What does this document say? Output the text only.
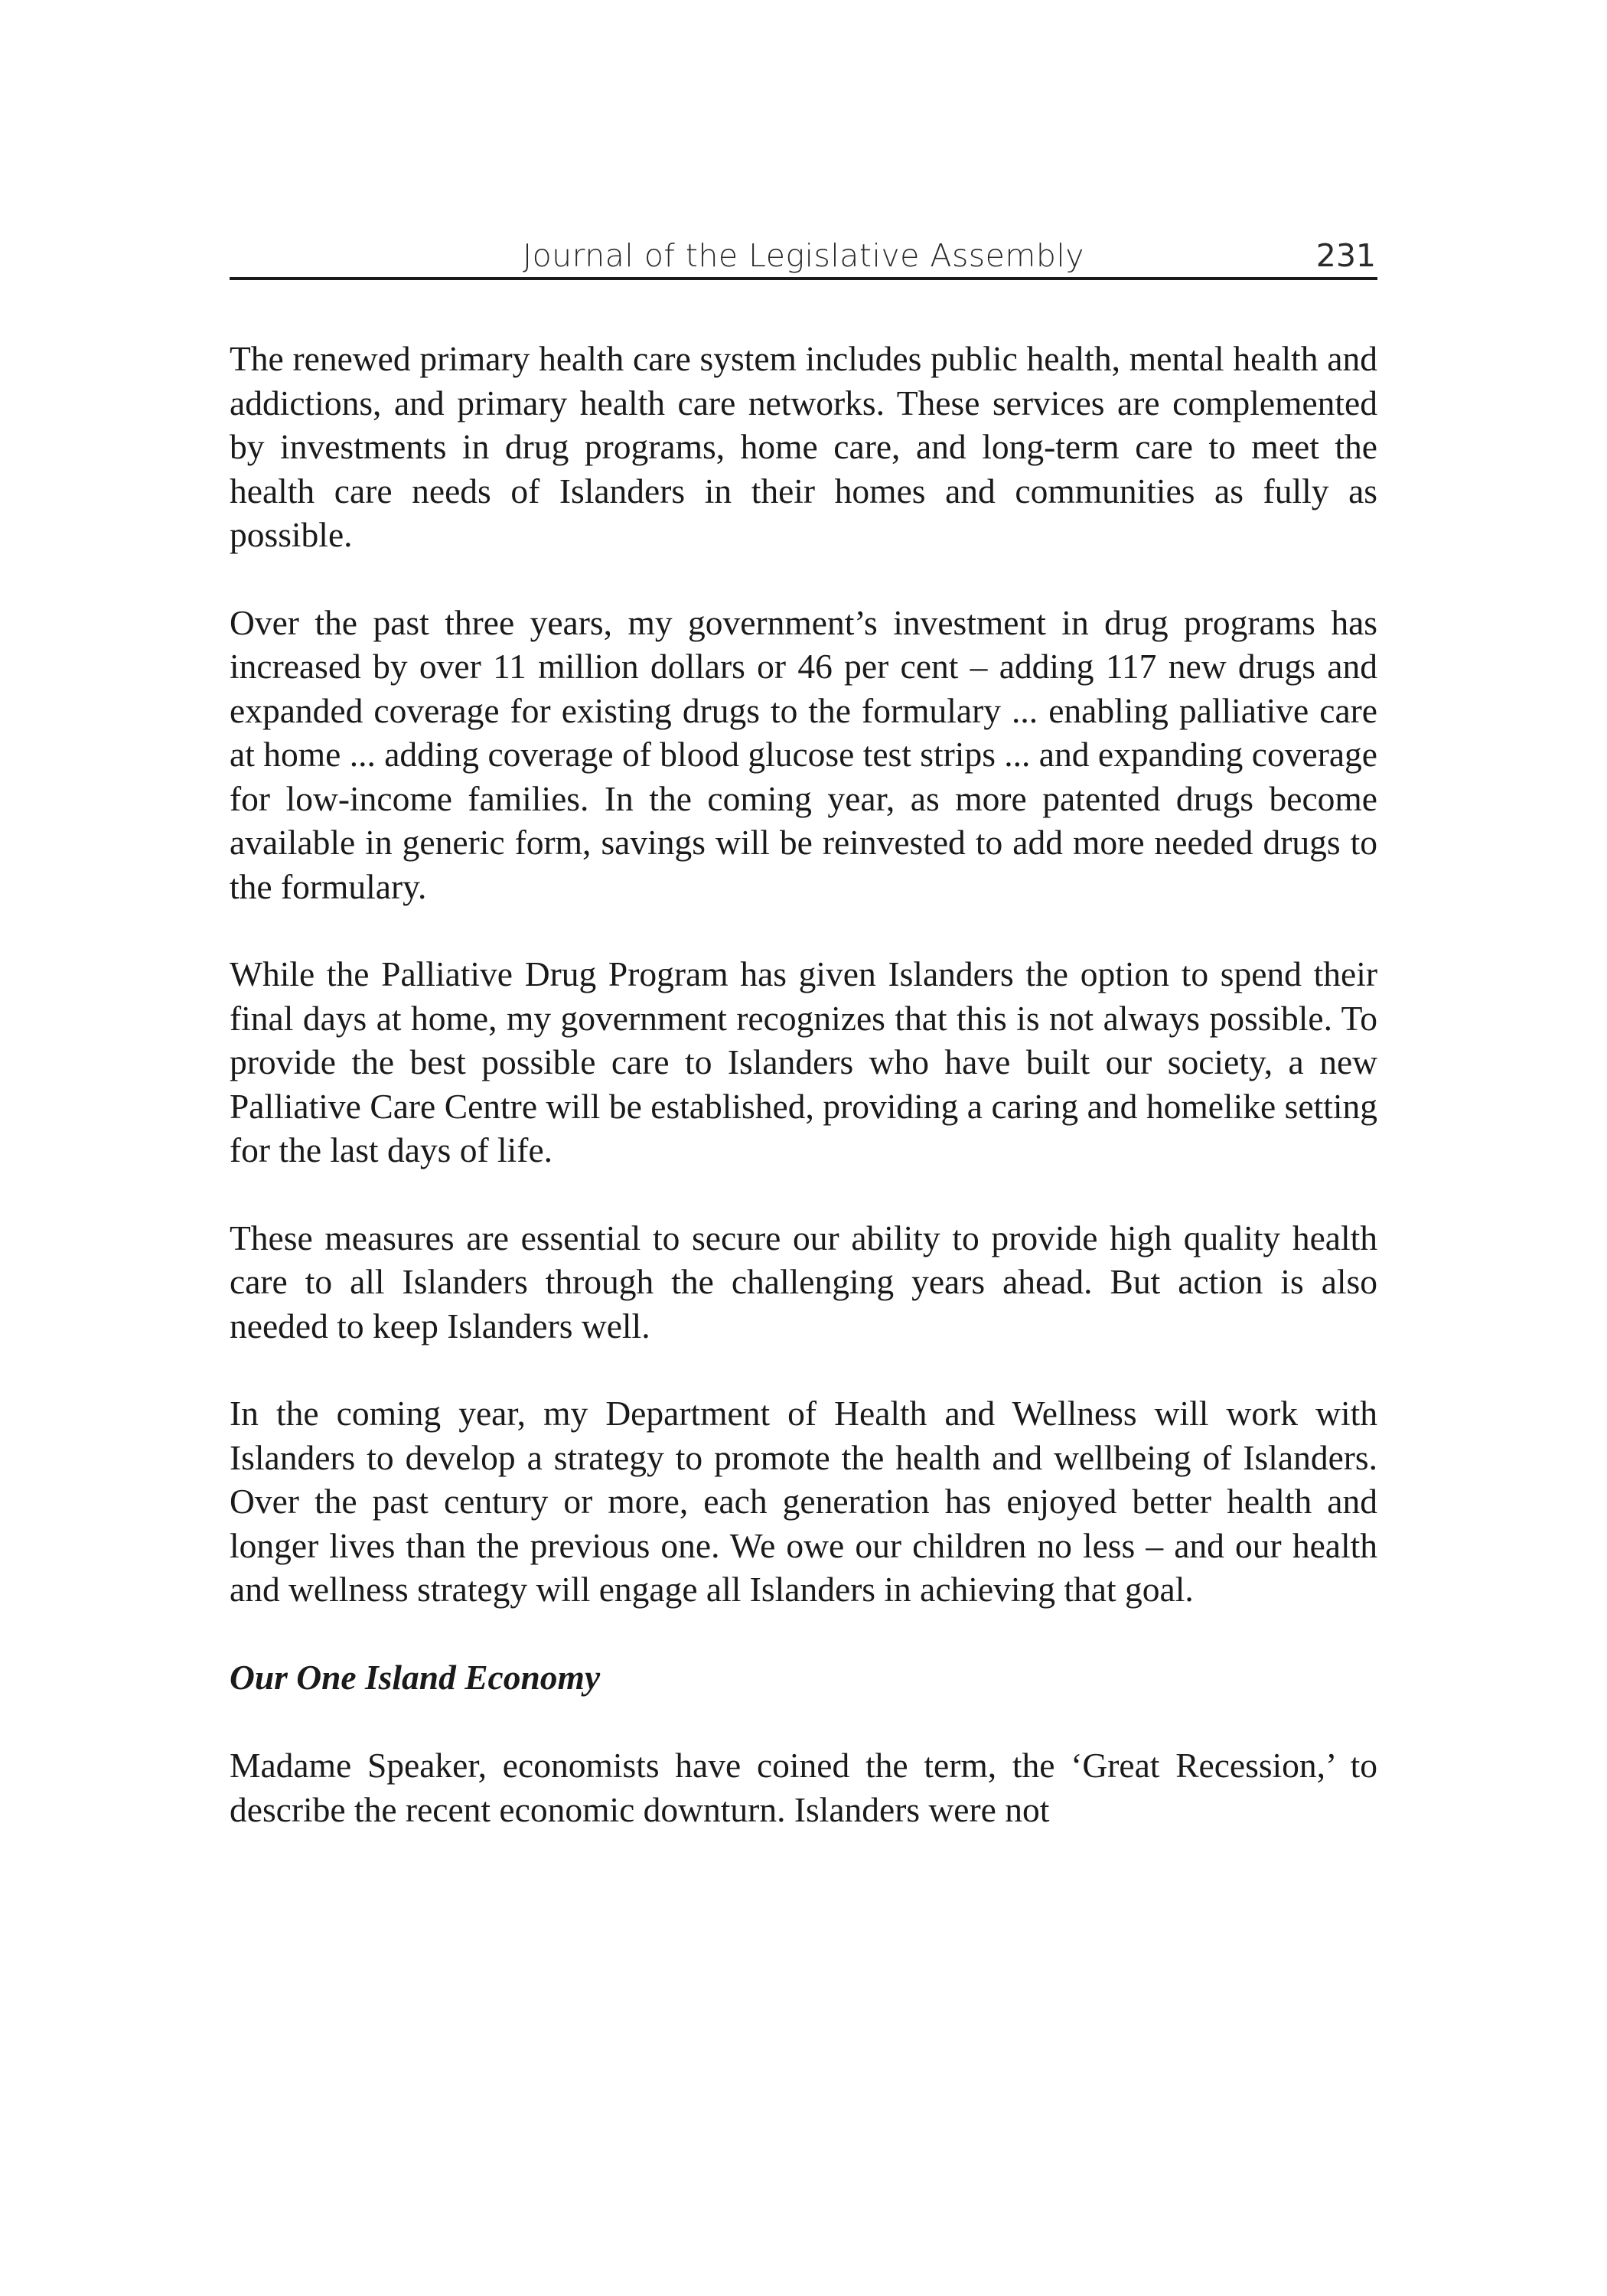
Journal of the Legislative Assembly	231

The renewed primary health care system includes public health, mental health and addictions, and primary health care networks. These services are complemented by investments in drug programs, home care, and long-term care to meet the health care needs of Islanders in their homes and communities as fully as possible.

Over the past three years, my government’s investment in drug programs has increased by over 11 million dollars or 46 per cent – adding 117 new drugs and expanded coverage for existing drugs to the formulary ... enabling palliative care at home ... adding coverage of blood glucose test strips ... and expanding coverage for low-income families. In the coming year, as more patented drugs become available in generic form, savings will be reinvested to add more needed drugs to the formulary.

While the Palliative Drug Program has given Islanders the option to spend their final days at home, my government recognizes that this is not always possible. To provide the best possible care to Islanders who have built our society, a new Palliative Care Centre will be established, providing a caring and homelike setting for the last days of life.

These measures are essential to secure our ability to provide high quality health care to all Islanders through the challenging years ahead. But action is also needed to keep Islanders well.

In the coming year, my Department of Health and Wellness will work with Islanders to develop a strategy to promote the health and wellbeing of Islanders. Over the past century or more, each generation has enjoyed better health and longer lives than the previous one. We owe our children no less – and our health and wellness strategy will engage all Islanders in achieving that goal.

Our One Island Economy

Madame Speaker, economists have coined the term, the ‘Great Recession,’ to describe the recent economic downturn. Islanders were not
